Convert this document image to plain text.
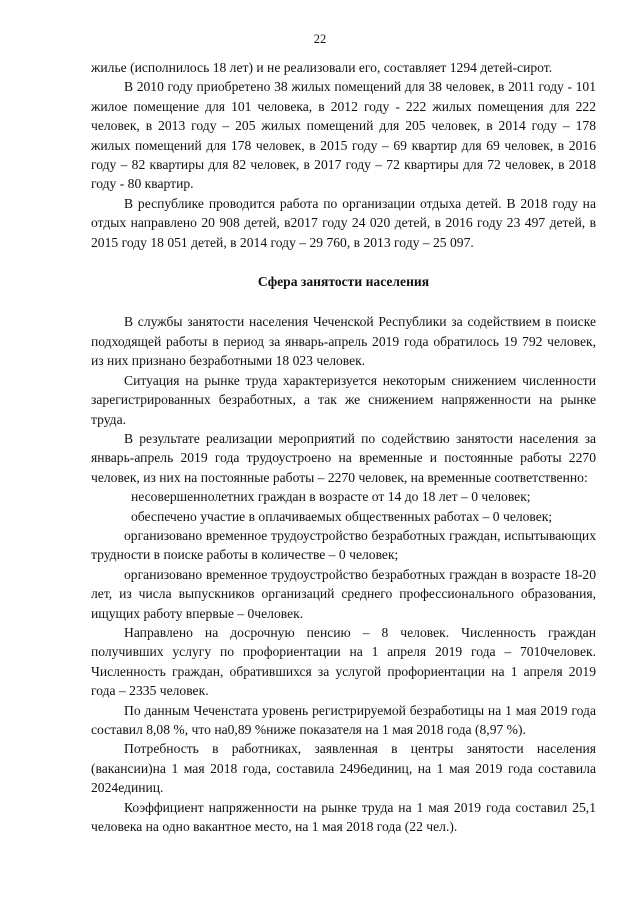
22

жилье (исполнилось 18 лет) и не реализовали его, составляет 1294 детей-сирот.

В 2010 году приобретено 38 жилых помещений для 38 человек, в 2011 году - 101 жилое помещение для 101 человека, в 2012 году - 222 жилых помещения для 222 человек, в 2013 году – 205 жилых помещений для 205 человек, в 2014 году – 178 жилых помещений для 178 человек, в 2015 году – 69 квартир для 69 человек, в 2016 году – 82 квартиры для 82 человек, в 2017 году – 72 квартиры для 72 человек, в 2018 году - 80 квартир.

В республике проводится работа по организации отдыха детей. В 2018 году на отдых направлено 20 908 детей, в2017 году 24 020 детей, в 2016 году 23 497 детей, в 2015 году 18 051 детей, в 2014 году – 29 760, в 2013 году – 25 097.

Сфера занятости населения

В службы занятости населения Чеченской Республики за содействием в поиске подходящей работы в период за январь-апрель 2019 года обратилось 19 792 человек, из них признано безработными 18 023 человек.

Ситуация на рынке труда характеризуется некоторым снижением численности зарегистрированных безработных, а так же снижением напряженности на рынке труда.

В результате реализации мероприятий по содействию занятости населения за январь-апрель 2019 года трудоустроено на временные и постоянные работы 2270 человек, из них на постоянные работы – 2270 человек, на временные соответственно:

несовершеннолетних граждан в возрасте от 14 до 18 лет – 0 человек;

обеспечено участие в оплачиваемых общественных работах – 0 человек;

организовано временное трудоустройство безработных граждан, испытывающих трудности в поиске работы в количестве – 0 человек;

организовано временное трудоустройство безработных граждан в возрасте 18-20 лет, из числа выпускников организаций среднего профессионального образования, ищущих работу впервые – 0человек.

Направлено на досрочную пенсию – 8 человек. Численность граждан получивших услугу по профориентации на 1 апреля 2019 года – 7010человек. Численность граждан, обратившихся за услугой профориентации на 1 апреля 2019 года – 2335 человек.

По данным Чеченстата уровень регистрируемой безработицы на 1 мая 2019 года составил 8,08 %, что на0,89 %ниже показателя на 1 мая 2018 года (8,97 %).

Потребность в работниках, заявленная в центры занятости населения (вакансии)на 1 мая 2018 года, составила 2496единиц, на 1 мая 2019 года составила 2024единиц.

Коэффициент напряженности на рынке труда на 1 мая 2019 года составил 25,1 человека на одно вакантное место, на 1 мая 2018 года (22 чел.).
